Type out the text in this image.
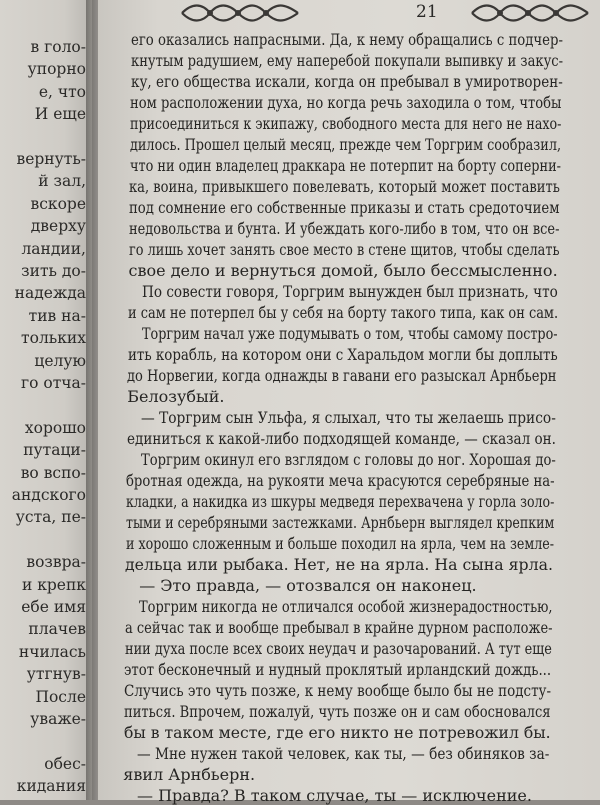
в голо-
упорно
е, что
И еще
вернуть-
й зал,
вскоре
дверху
ландии,
зить до-
надежда
тив на-
тольких
целую
го отча-
хорошо
путаци-
во вспо-
андского
уста, пе-
возвра-
и крепк
ебе имя
плачев
нчилась
утгнув-
После
уваже-
обес-
кидания
21
его оказались напрасными. Да, к нему обращались с подчер-
кнутым радушием, ему наперебой покупали выпивку и закус-
ку, его общества искали, когда он пребывал в умиротворен-
ном расположении духа, но когда речь заходила о том, чтобы
присоединиться к экипажу, свободного места для него не нахо-
дилось. Прошел целый месяц, прежде чем Торгрим сообразил,
что ни один владелец драккара не потерпит на борту соперни-
ка, воина, привыкшего повелевать, который может поставить
под сомнение его собственные приказы и стать средоточием
недовольства и бунта. И убеждать кого-либо в том, что он все-
го лишь хочет занять свое место в стене щитов, чтобы сделать
свое дело и вернуться домой, было бессмысленно.
По совести говоря, Торгрим вынужден был признать, что
и сам не потерпел бы у себя на борту такого типа, как он сам.
Торгрим начал уже подумывать о том, чтобы самому постро-
ить корабль, на котором они с Харальдом могли бы доплыть
до Норвегии, когда однажды в гавани его разыскал Арнбьерн
Белозубый.
— Торгрим сын Ульфа, я слыхал, что ты желаешь присо-
единиться к какой-либо подходящей команде, — сказал он.
Торгрим окинул его взглядом с головы до ног. Хорошая до-
бротная одежда, на рукояти меча красуются серебряные на-
кладки, а накидка из шкуры медведя перехвачена у горла золо-
тыми и серебряными застежками. Арнбьерн выглядел крепким
и хорошо сложенным и больше походил на ярла, чем на земле-
дельца или рыбака. Нет, не на ярла. На сына ярла.
— Это правда, — отозвался он наконец.
Торгрим никогда не отличался особой жизнерадостностью,
а сейчас так и вообще пребывал в крайне дурном расположе-
нии духа после всех своих неудач и разочарований. А тут еще
этот бесконечный и нудный проклятый ирландский дождь...
Случись это чуть позже, к нему вообще было бы не подсту-
питься. Впрочем, пожалуй, чуть позже он и сам обосновался
бы в таком месте, где его никто не потревожил бы.
— Мне нужен такой человек, как ты, — без обиняков за-
явил Арнбьерн.
— Правда? В таком случае, ты — исключение.
